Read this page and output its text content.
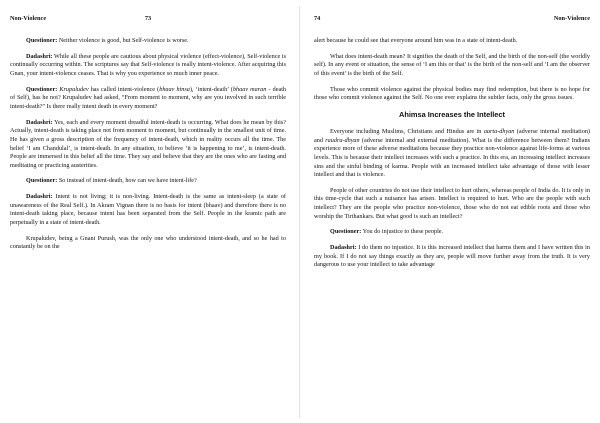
Non-Violence	73

Questioner: Neither violence is good, but Self-violence is worse.

Dadashri: While all these people are cautious about physical violence (effect-violence), Self-violence is continually occurring within. The scriptures say that Self-violence is really intent-violence. After acquiring this Gnan, your intent-violence ceases. That is why you experience so much inner peace.

Questioner: Krupaludev has called intent-violence (bhaav hinsa), ‘intent-death’ (bhaav maran - death of Self), has he not? Krupaludev had asked, “From moment to moment, why are you involved in such terrible intent-death?” Is there really intent death in every moment?

Dadashri: Yes, each and every moment dreadful intent-death is occurring. What does he mean by this? Actually, intent-death is taking place not from moment to moment, but continually in the smallest unit of time. He has given a gross description of the frequency of intent-death, which in reality occurs all the time. The belief ‘I am Chandulal’, is intent-death. In any situation, to believe ‘it is happening to me’, is intent-death. People are immersed in this belief all the time. They say and believe that they are the ones who are fasting and meditating or practicing austerities.

Questioner: So instead of intent-death, how can we have intent-life?

Dadashri: Intent is not living; it is non-living. Intent-death is the same as intent-sleep (a state of unawareness of the Real Self.). In Akram Vignan there is no basis for intent (bhaav) and therefore there is no intent-death taking place, because intent has been separated from the Self. People in the kramic path are perpetually in a state of intent-death.

Krupaludev, being a Gnani Purush, was the only one who understood intent-death, and so he had to constantly be on the

74	Non-Violence

alert because he could see that everyone around him was in a state of intent-death.

What does intent-death mean? It signifies the death of the Self, and the birth of the non-self (the worldly self). In any event or situation, the sense of ‘I am this or that’ is the birth of the non-self and ‘I am the observer of this event’ is the birth of the Self.

Those who commit violence against the physical bodies may find redemption, but there is no hope for those who commit violence against the Self. No one ever explains the subtler facts, only the gross issues.

Ahimsa Increases the Intellect

Everyone including Muslims, Christians and Hindus are in aarta-dhyan (adverse internal meditation) and raudra-dhyan (adverse internal and external meditation). What is the difference between them? Indians experience more of these adverse meditations because they practice non-violence against life-forms at various levels. This is because their intellect increases with such a practice. In this era, an increasing intellect increases sins and the sinful binding of karma. People with an increased intellect take advantage of those with lesser intellect and that is violence.

People of other countries do not use their intellect to hurt others, whereas people of India do. It is only in this time-cycle that such a nuisance has arisen. Intellect is required to hurt. Who are the people with such intellect? They are the people who practice non-violence, those who do not eat edible roots and those who worship the Tirthankars. But what good is such an intellect?

Questioner: You do injustice to these people.

Dadashri: I do them no injustice. It is this increased intellect that harms them and I have written this in my book. If I do not say things exactly as they are, people will move further away from the truth. It is very dangerous to use your intellect to take advantage
